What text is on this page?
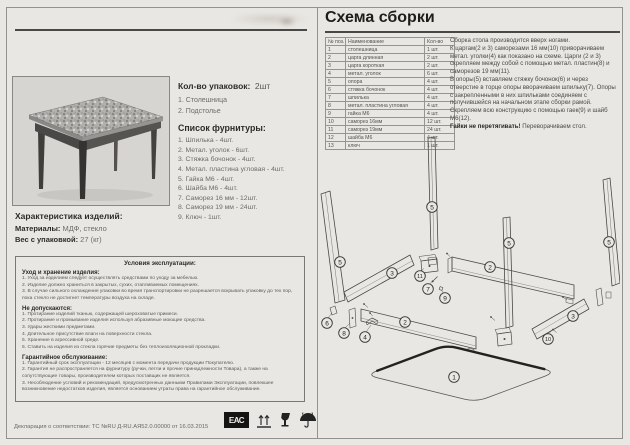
Кол-во упаковок: 2шт
1. Столешница
2. Подстолье
Список фурнитуры:
1. Шпилька - 4шт.
2. Метал. уголок - 6шт.
3. Стяжка бочонок - 4шт.
4. Метал. пластина угловая - 4шт.
5. Гайка М6 - 4шт.
6. Шайба М6 - 4шт.
7. Саморез 16 мм - 12шт.
8. Саморез 19 мм - 24шт.
9. Ключ - 1шт.
Характеристика изделий:
Материалы: МДФ, стекло
Вес с упаковкой: 27 (кг)
Условия эксплуатации:
Уход и хранение изделия:
1. Уход за изделием следует осуществлять средствами по уходу за мебелью.
2. Изделие должно храниться в закрытых, сухих, отапливаемых помещениях.
3. В случае сильного охлаждения упаковки во время транспортировки не разрешается вскрывать упаковку до тех пор, пока стекло не достигнет температуры воздуха на складе.
Не допускаются:
1. Протирание изделий тканью, содержащей шероховатые примеси.
2. Протирание и промывание изделия используя абразивные моющие средства.
3. Удары жесткими предметами.
4. Длительное присутствие влаги на поверхности стекла.
5. Хранение в агрессивной среде.
6. Ставить на изделия из стекла горячие предметы без теплоизоляционной прокладки.
Гарантийное обслуживание:
1. Гарантийный срок эксплуатации - 12 месяцев с момента передачи продукции Покупателю.
2. Гарантия не распространяется на фурнитуру (ручки, петли и прочие принадлежности Товара), а также на сопутствующие товары, производителем которых поставщик не является.
3. Несоблюдение условий и рекомендаций, предусмотренных данными Правилами Эксплуатации, повлекшее возникновение недостатков изделия, является основанием утраты права на гарантийное обслуживание.
Декларация о соответствии: ТС №RU Д-RU.АЯ52.0.00000 от 16.03.2015
ЕАС
Схема сборки
№ поз.	Наименование	Кол-во
1	столешница	1 шт.
2	царга длинная	2 шт.
3	царга короткая	2 шт.
4	метал. уголок	6 шт.
5	опора	4 шт.
6	стяжка бочонок	4 шт.
7	шпилька	4 шт.
8	метал. пластина угловая	4 шт.
9	гайка М6	4 шт.
10	саморез 16мм	12 шт.
11	саморез 19мм	24 шт.
12	шайба М6	4 шт.
13	ключ	1 шт.
Сборка стола производится вверх ногами.
К царгам(2 и 3) саморезами 16 мм(10) приворачиваем метал. уголки(4) как показано на схеме. Царги (2 и 3) скрепляем между собой с помощью метал. пластин(8) и саморезов 19 мм(11).
В опоры(5) вставляем стяжку бочонок(6) и через отверстие в торце опоры вворачиваем шпильку(7). Опоры с закрепленными в них шпильками соединяем с получившейся на начальном этапе сборки рамой. Скрепляем всю конструкцию с помощью гаек(9) и шайб М6(12).
Гайки не перетягивать! Переворачиваем стол.
5
3
6
8
4
2
11
7
9
5
2
5
3
10
5
1
